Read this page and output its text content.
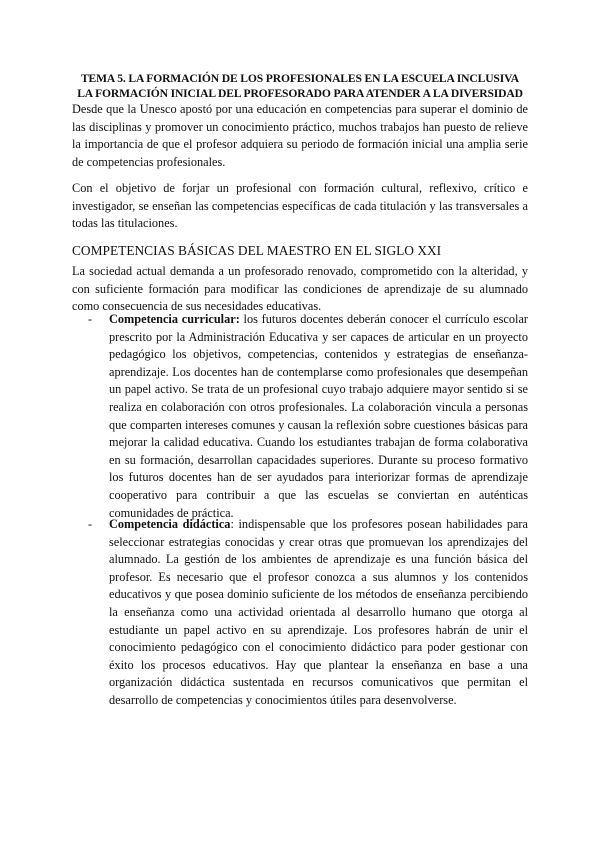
TEMA 5. LA FORMACIÓN DE LOS PROFESIONALES EN LA ESCUELA INCLUSIVA
LA FORMACIÓN INICIAL DEL PROFESORADO PARA ATENDER A LA DIVERSIDAD
Desde que la Unesco apostó por una educación en competencias para superar el dominio de las disciplinas y promover un conocimiento práctico, muchos trabajos han puesto de relieve la importancia de que el profesor adquiera su periodo de formación inicial una amplia serie de competencias profesionales.
Con el objetivo de forjar un profesional con formación cultural, reflexivo, crítico e investigador, se enseñan las competencias específicas de cada titulación y las transversales a todas las titulaciones.
COMPETENCIAS BÁSICAS DEL MAESTRO EN EL SIGLO XXI
La sociedad actual demanda a un profesorado renovado, comprometido con la alteridad, y con suficiente formación para modificar las condiciones de aprendizaje de su alumnado como consecuencia de sus necesidades educativas.
-	Competencia curricular: los futuros docentes deberán conocer el currículo escolar prescrito por la Administración Educativa y ser capaces de articular en un proyecto pedagógico los objetivos, competencias, contenidos y estrategias de enseñanza-aprendizaje. Los docentes han de contemplarse como profesionales que desempeñan un papel activo. Se trata de un profesional cuyo trabajo adquiere mayor sentido si se realiza en colaboración con otros profesionales. La colaboración vincula a personas que comparten intereses comunes y causan la reflexión sobre cuestiones básicas para mejorar la calidad educativa. Cuando los estudiantes trabajan de forma colaborativa en su formación, desarrollan capacidades superiores. Durante su proceso formativo los futuros docentes han de ser ayudados para interiorizar formas de aprendizaje cooperativo para contribuir a que las escuelas se conviertan en auténticas comunidades de práctica.
-	Competencia didáctica: indispensable que los profesores posean habilidades para seleccionar estrategias conocidas y crear otras que promuevan los aprendizajes del alumnado. La gestión de los ambientes de aprendizaje es una función básica del profesor. Es necesario que el profesor conozca a sus alumnos y los contenidos educativos y que posea dominio suficiente de los métodos de enseñanza percibiendo la enseñanza como una actividad orientada al desarrollo humano que otorga al estudiante un papel activo en su aprendizaje. Los profesores habrán de unir el conocimiento pedagógico con el conocimiento didáctico para poder gestionar con éxito los procesos educativos. Hay que plantear la enseñanza en base a una organización didáctica sustentada en recursos comunicativos que permitan el desarrollo de competencias y conocimientos útiles para desenvolverse.
